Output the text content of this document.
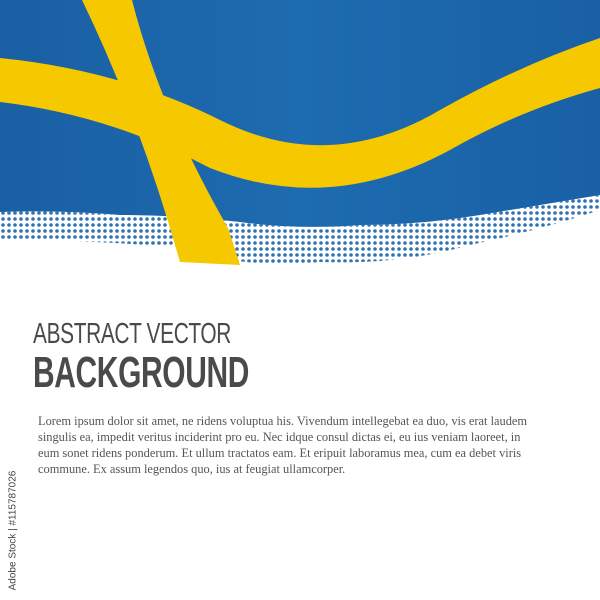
ABSTRACT VECTOR
BACKGROUND
Lorem ipsum dolor sit amet, ne ridens voluptua his. Vivendum intellegebat ea duo, vis erat laudem singulis ea, impedit veritus inciderint pro eu. Nec idque consul dictas ei, eu ius veniam laoreet, in eum sonet ridens ponderum. Et ullum tractatos eam. Et eripuit laboramus mea, cum ea debet viris commune. Ex assum legendos quo, ius at feugiat ullamcorper.
Adobe Stock | #115787026
